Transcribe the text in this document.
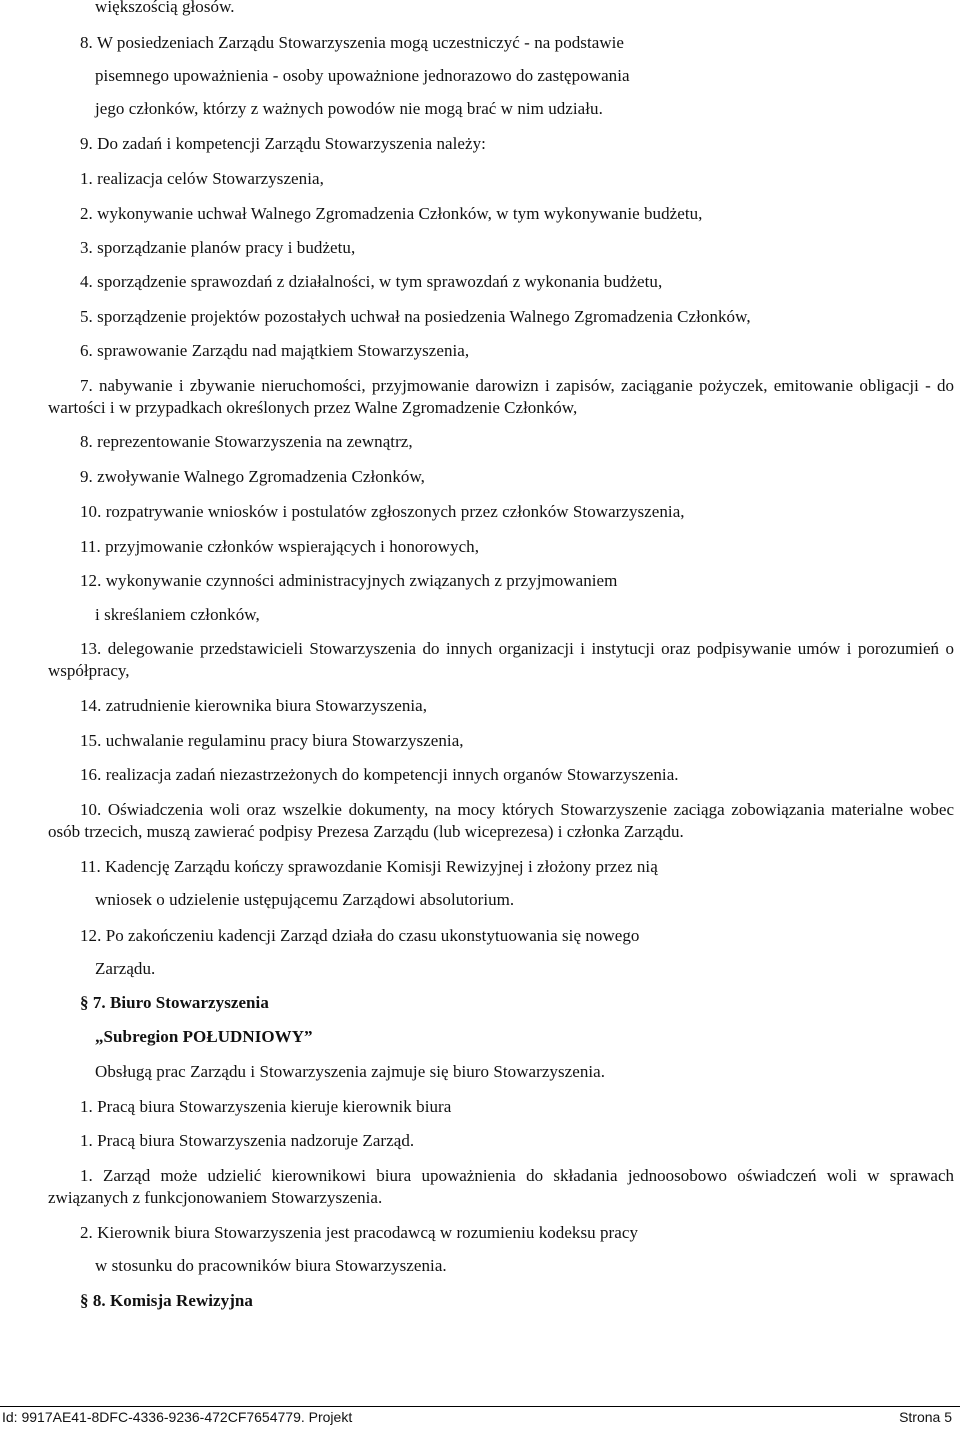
większością głosów.
8. W posiedzeniach Zarządu Stowarzyszenia mogą uczestniczyć - na podstawie
pisemnego upoważnienia - osoby upoważnione jednorazowo do zastępowania
jego członków, którzy z ważnych powodów nie mogą brać w nim udziału.
9. Do zadań i kompetencji Zarządu Stowarzyszenia należy:
1. realizacja celów Stowarzyszenia,
2. wykonywanie uchwał Walnego Zgromadzenia Członków, w tym wykonywanie budżetu,
3. sporządzanie planów pracy i budżetu,
4. sporządzenie sprawozdań z działalności, w tym sprawozdań z wykonania budżetu,
5. sporządzenie projektów pozostałych uchwał na posiedzenia Walnego Zgromadzenia Członków,
6. sprawowanie Zarządu nad majątkiem Stowarzyszenia,
7. nabywanie i zbywanie nieruchomości, przyjmowanie darowizn i zapisów, zaciąganie pożyczek, emitowanie obligacji - do wartości i w przypadkach określonych przez Walne Zgromadzenie Członków,
8. reprezentowanie Stowarzyszenia na zewnątrz,
9. zwoływanie Walnego Zgromadzenia Członków,
10. rozpatrywanie wniosków i postulatów zgłoszonych przez członków Stowarzyszenia,
11. przyjmowanie członków wspierających i honorowych,
12. wykonywanie czynności administracyjnych związanych z przyjmowaniem
i skreślaniem członków,
13. delegowanie przedstawicieli Stowarzyszenia do innych organizacji i instytucji oraz podpisywanie umów i porozumień o współpracy,
14. zatrudnienie kierownika biura Stowarzyszenia,
15. uchwalanie regulaminu pracy biura Stowarzyszenia,
16. realizacja zadań niezastrzeżonych do kompetencji innych organów Stowarzyszenia.
10. Oświadczenia woli oraz wszelkie dokumenty, na mocy których Stowarzyszenie zaciąga zobowiązania materialne wobec osób trzecich, muszą zawierać podpisy Prezesa Zarządu (lub wiceprezesa) i członka Zarządu.
11. Kadencję Zarządu kończy sprawozdanie Komisji Rewizyjnej i złożony przez nią
wniosek o udzielenie ustępującemu Zarządowi absolutorium.
12. Po zakończeniu kadencji Zarząd działa do czasu ukonstytuowania się nowego
Zarządu.
§ 7. Biuro Stowarzyszenia
„Subregion POŁUDNIOWY”
Obsługą prac Zarządu i Stowarzyszenia zajmuje się biuro Stowarzyszenia.
1. Pracą biura Stowarzyszenia kieruje kierownik biura
1. Pracą biura Stowarzyszenia nadzoruje Zarząd.
1. Zarząd może udzielić kierownikowi biura upoważnienia do składania jednoosobowo oświadczeń woli w sprawach związanych z funkcjonowaniem Stowarzyszenia.
2. Kierownik biura Stowarzyszenia jest pracodawcą w rozumieniu kodeksu pracy
w stosunku do pracowników biura Stowarzyszenia.
§ 8. Komisja Rewizyjna
Id: 9917AE41-8DFC-4336-9236-472CF7654779. Projekt	Strona 5
